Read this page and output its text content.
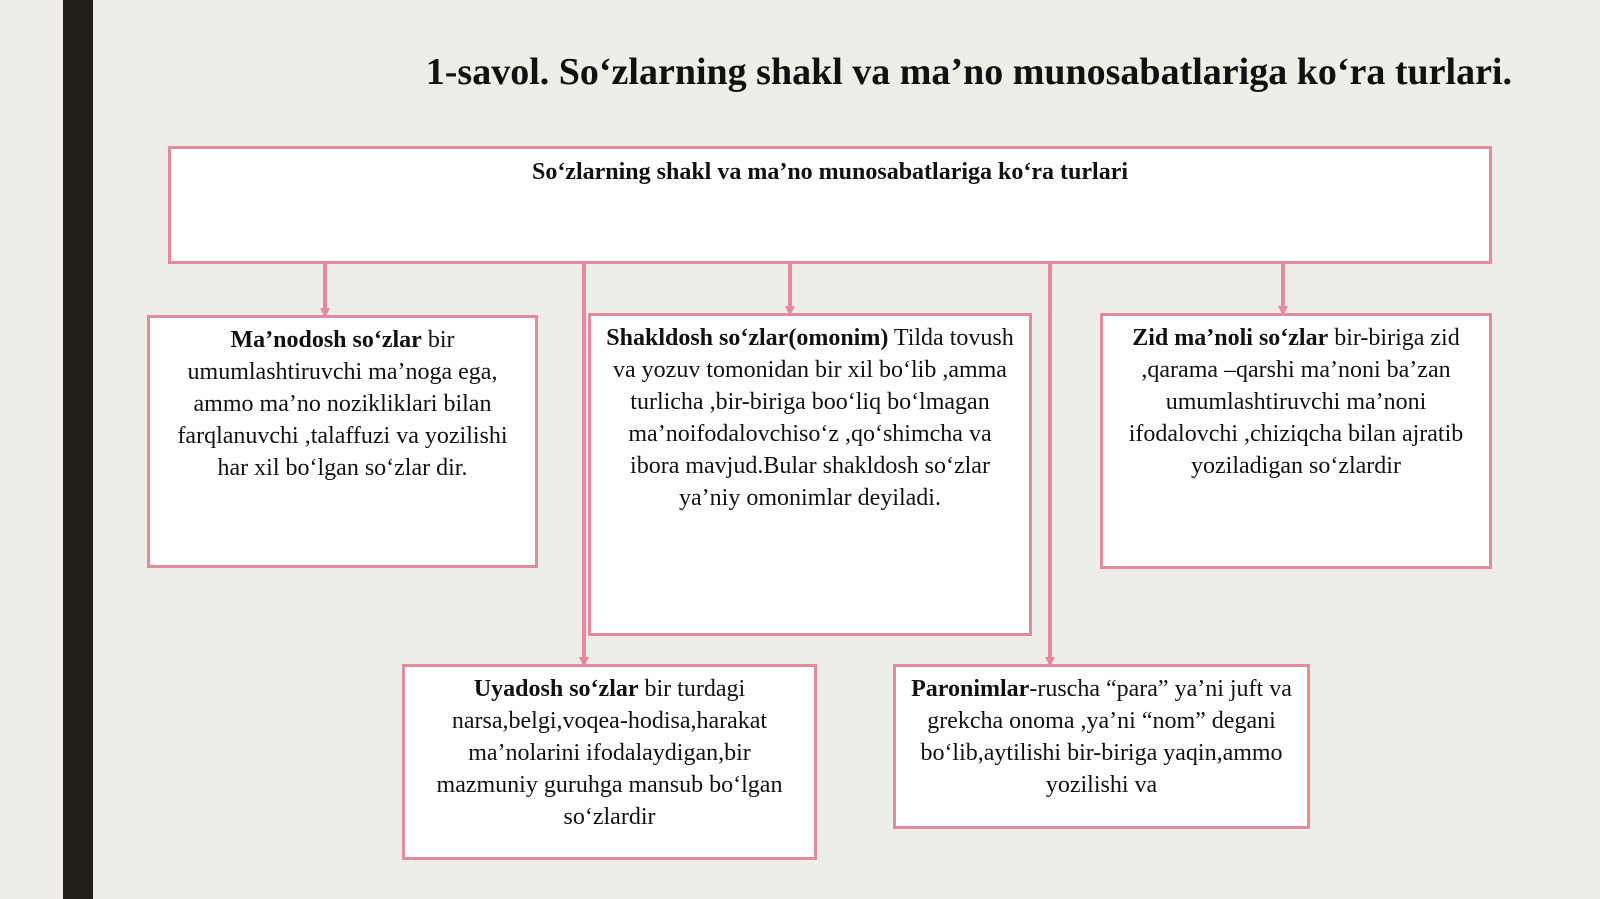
1-savol. So‘zlarning shakl va ma’no munosabatlariga ko‘ra turlari.
So‘zlarning shakl va ma’no munosabatlariga ko‘ra turlari
Ma’nodosh so‘zlar bir umumlashtiruvchi ma’noga ega, ammo ma’no nozikliklari bilan farqlanuvchi ,talaffuzi va yozilishi har xil bo‘lgan so‘zlar dir.
Shakldosh so‘zlar(omonim) Tilda tovush va yozuv tomonidan bir xil bo‘lib ,amma turlicha ,bir-biriga boo‘liq bo‘lmagan ma’noifodalovchiso‘z ,qo‘shimcha va ibora mavjud.Bular shakldosh so‘zlar ya’niy omonimlar deyiladi.
Zid ma’noli so‘zlar bir-biriga zid ,qarama –qarshi ma’noni ba’zan umumlashtiruvchi ma’noni ifodalovchi ,chiziqcha bilan ajratib yoziladigan so‘zlardir
Uyadosh so‘zlar bir turdagi narsa,belgi,voqea-hodisa,harakat ma’nolarini ifodalaydigan,bir mazmuniy guruhga mansub bo‘lgan so‘zlardir
Paronimlar-ruscha “para” ya’ni juft va grekcha onoma ,ya’ni “nom” degani bo‘lib,aytilishi bir-biriga yaqin,ammo yozilishi va
